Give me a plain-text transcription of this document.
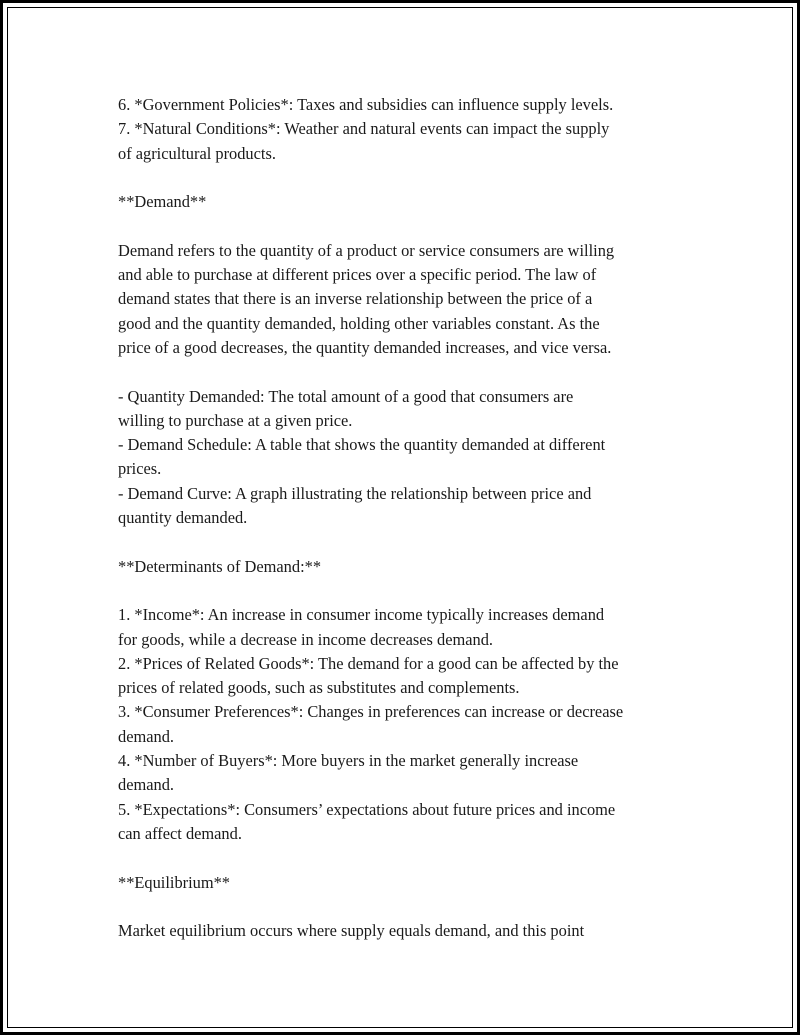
6. *Government Policies*: Taxes and subsidies can influence supply levels.
7. *Natural Conditions*: Weather and natural events can impact the supply
of agricultural products.
**Demand**
Demand refers to the quantity of a product or service consumers are willing
and able to purchase at different prices over a specific period. The law of
demand states that there is an inverse relationship between the price of a
good and the quantity demanded, holding other variables constant. As the
price of a good decreases, the quantity demanded increases, and vice versa.
- Quantity Demanded: The total amount of a good that consumers are
willing to purchase at a given price.
- Demand Schedule: A table that shows the quantity demanded at different
prices.
- Demand Curve: A graph illustrating the relationship between price and
quantity demanded.
**Determinants of Demand:**
1. *Income*: An increase in consumer income typically increases demand
for goods, while a decrease in income decreases demand.
2. *Prices of Related Goods*: The demand for a good can be affected by the
prices of related goods, such as substitutes and complements.
3. *Consumer Preferences*: Changes in preferences can increase or decrease
demand.
4. *Number of Buyers*: More buyers in the market generally increase
demand.
5. *Expectations*: Consumers’ expectations about future prices and income
can affect demand.
**Equilibrium**
Market equilibrium occurs where supply equals demand, and this point
